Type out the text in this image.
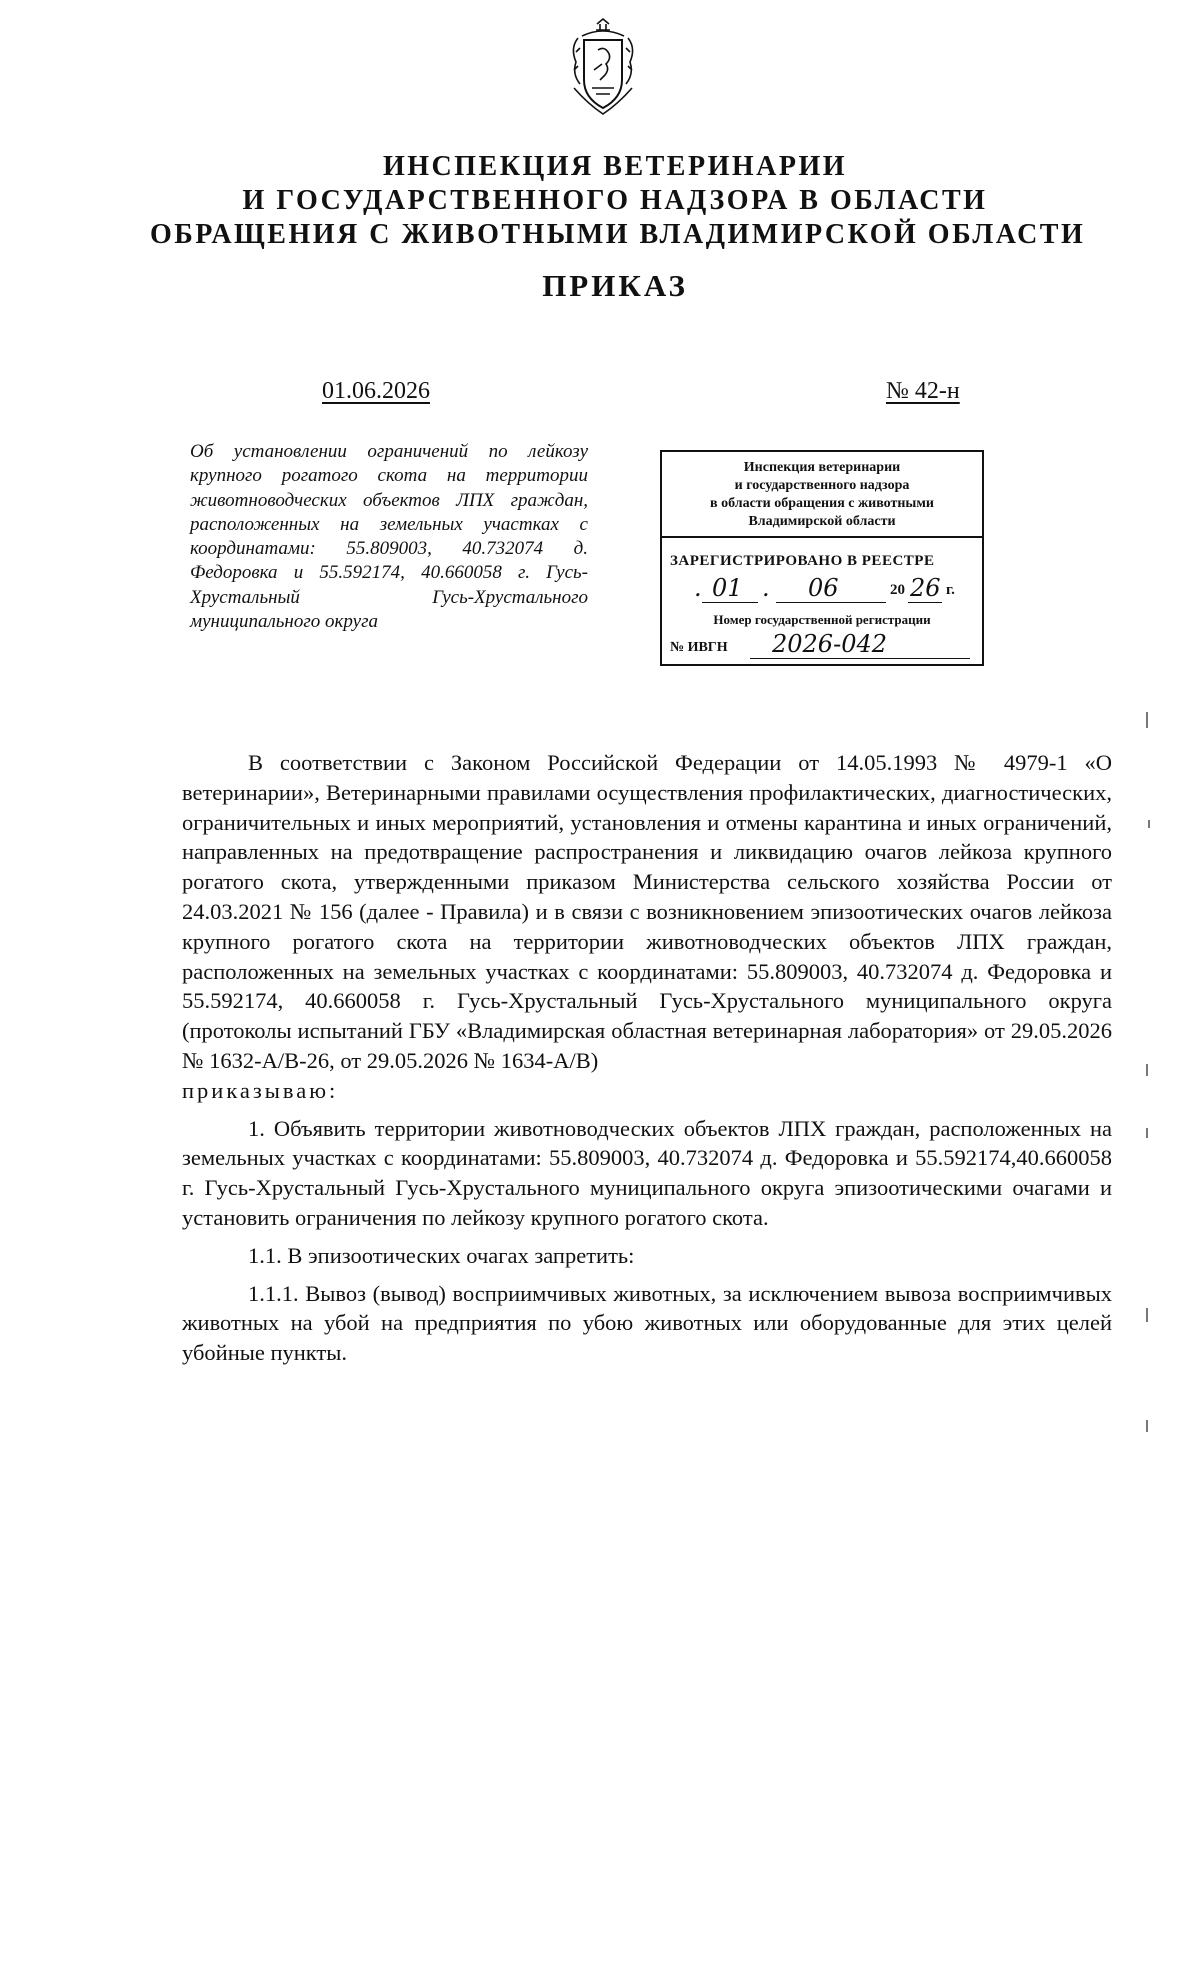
ИНСПЕКЦИЯ ВЕТЕРИНАРИИ
И ГОСУДАРСТВЕННОГО НАДЗОРА В ОБЛАСТИ
ОБРАЩЕНИЯ С ЖИВОТНЫМИ ВЛАДИМИРСКОЙ ОБЛАСТИ
ПРИКАЗ
01.06.2026	№ 42-н
Об установлении ограничений по лейкозу крупного рогатого скота на территории животноводческих объектов ЛПХ граждан, расположенных на земельных участках с координатами: 55.809003, 40.732074 д. Федоровка и 55.592174, 40.660058 г. Гусь-Хрустальный Гусь-Хрустального муниципального округа
Инспекция ветеринарии
и государственного надзора
в области обращения с животными
Владимирской области
ЗАРЕГИСТРИРОВАНО В РЕЕСТРЕ
. 01 . 06	20 26 г.
Номер государственной регистрации
№ ИВГН 2026-042

В соответствии с Законом Российской Федерации от 14.05.1993 № 4979-1 «О ветеринарии», Ветеринарными правилами осуществления профилактических, диагностических, ограничительных и иных мероприятий, установления и отмены карантина и иных ограничений, направленных на предотвращение распространения и ликвидацию очагов лейкоза крупного рогатого скота, утвержденными приказом Министерства сельского хозяйства России от 24.03.2021 № 156 (далее - Правила) и в связи с возникновением эпизоотических очагов лейкоза крупного рогатого скота на территории животноводческих объектов ЛПХ граждан, расположенных на земельных участках с координатами: 55.809003, 40.732074 д. Федоровка и 55.592174, 40.660058 г. Гусь-Хрустальный Гусь-Хрустального муниципального округа (протоколы испытаний ГБУ «Владимирская областная ветеринарная лаборатория» от 29.05.2026 № 1632-А/В-26, от 29.05.2026 № 1634-А/В)

приказываю:

1. Объявить территории животноводческих объектов ЛПХ граждан, расположенных на земельных участках с координатами: 55.809003, 40.732074 д. Федоровка и 55.592174,40.660058 г. Гусь-Хрустальный Гусь-Хрустального муниципального округа эпизоотическими очагами и установить ограничения по лейкозу крупного рогатого скота.

1.1. В эпизоотических очагах запретить:

1.1.1. Вывоз (вывод) восприимчивых животных, за исключением вывоза восприимчивых животных на убой на предприятия по убою животных или оборудованные для этих целей убойные пункты.
